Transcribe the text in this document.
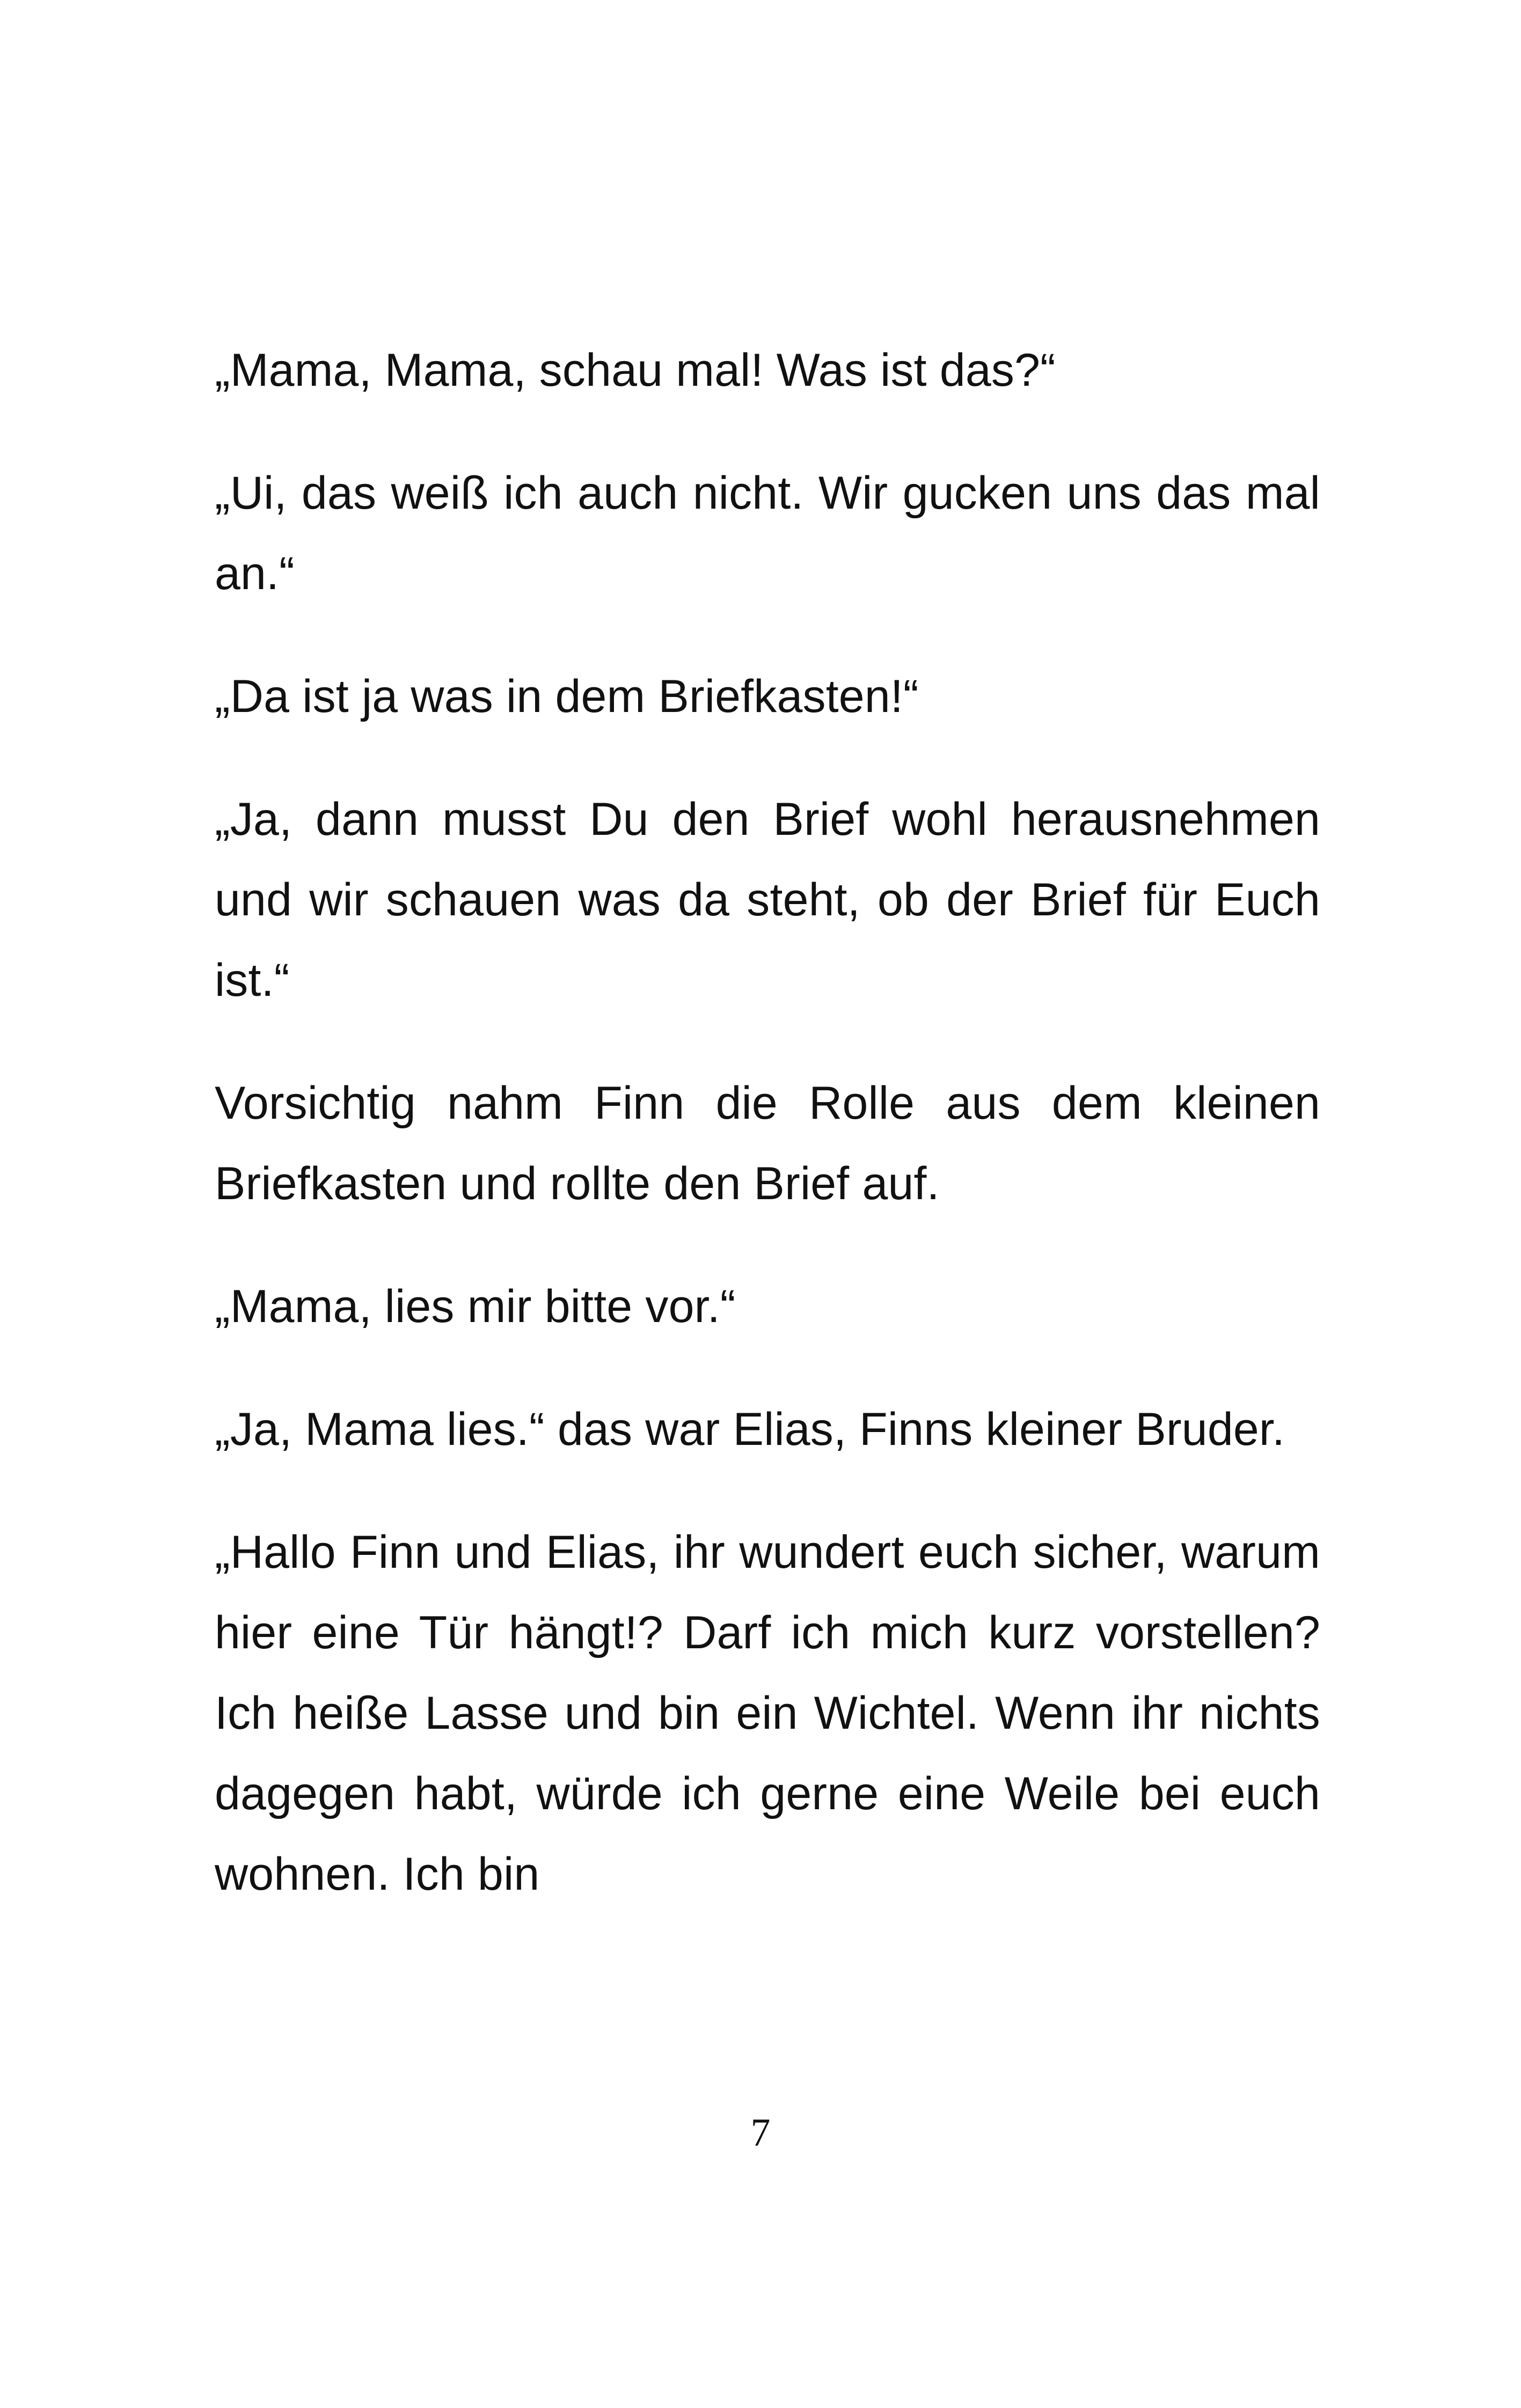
„Mama, Mama, schau mal! Was ist das?“

„Ui, das weiß ich auch nicht. Wir gucken uns das mal an.“

„Da ist ja was in dem Briefkasten!“

„Ja, dann musst Du den Brief wohl herausnehmen und wir schauen was da steht, ob der Brief für Euch ist.“

Vorsichtig nahm Finn die Rolle aus dem kleinen Briefkasten und rollte den Brief auf.

„Mama, lies mir bitte vor.“

„Ja, Mama lies.“ das war Elias, Finns kleiner Bruder.

„Hallo Finn und Elias, ihr wundert euch sicher, warum hier eine Tür hängt!? Darf ich mich kurz vorstellen? Ich heiße Lasse und bin ein Wichtel. Wenn ihr nichts dagegen habt, würde ich gerne eine Weile bei euch wohnen. Ich bin

7
